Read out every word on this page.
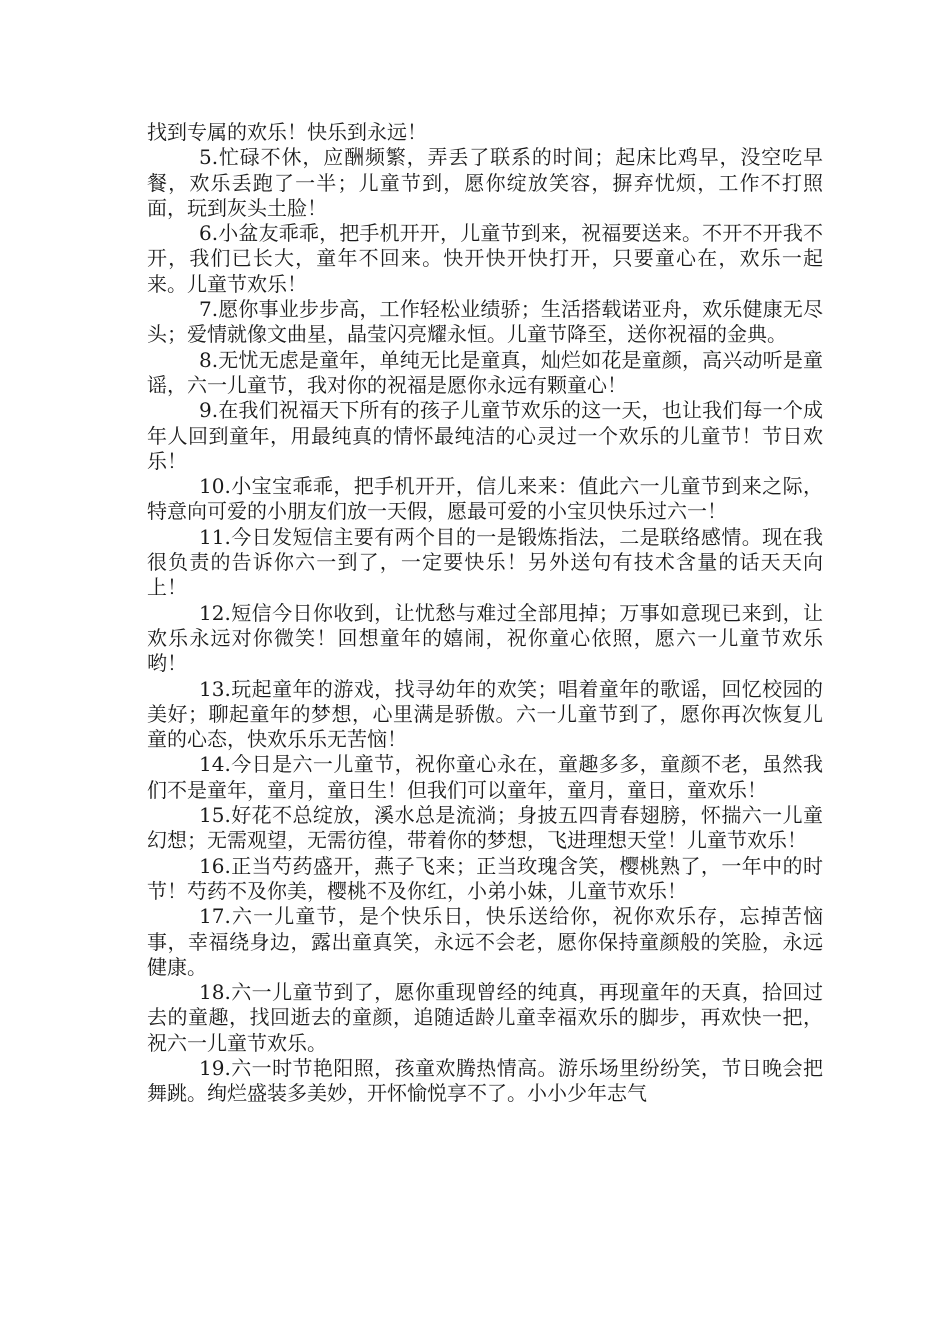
找到专属的欢乐！快乐到永远！

5.忙碌不休，应酬频繁，弄丢了联系的时间；起床比鸡早，没空吃早餐，欢乐丢跑了一半；儿童节到，愿你绽放笑容，摒弃忧烦，工作不打照面，玩到灰头土脸！

6.小盆友乖乖，把手机开开，儿童节到来，祝福要送来。不开不开我不开，我们已长大，童年不回来。快开快开快打开，只要童心在，欢乐一起来。儿童节欢乐！

7.愿你事业步步高，工作轻松业绩骄；生活搭载诺亚舟，欢乐健康无尽头；爱情就像文曲星，晶莹闪亮耀永恒。儿童节降至，送你祝福的金典。

8.无忧无虑是童年，单纯无比是童真，灿烂如花是童颜，高兴动听是童谣，六一儿童节，我对你的祝福是愿你永远有颗童心！

9.在我们祝福天下所有的孩子儿童节欢乐的这一天，也让我们每一个成年人回到童年，用最纯真的情怀最纯洁的心灵过一个欢乐的儿童节！节日欢乐！

10.小宝宝乖乖，把手机开开，信儿来来：值此六一儿童节到来之际，特意向可爱的小朋友们放一天假，愿最可爱的小宝贝快乐过六一！

11.今日发短信主要有两个目的一是锻炼指法，二是联络感情。现在我很负责的告诉你六一到了，一定要快乐！另外送句有技术含量的话天天向上！

12.短信今日你收到，让忧愁与难过全部甩掉；万事如意现已来到，让欢乐永远对你微笑！回想童年的嬉闹，祝你童心依照，愿六一儿童节欢乐哟！

13.玩起童年的游戏，找寻幼年的欢笑；唱着童年的歌谣，回忆校园的美好；聊起童年的梦想，心里满是骄傲。六一儿童节到了，愿你再次恢复儿童的心态，快欢乐乐无苦恼！

14.今日是六一儿童节，祝你童心永在，童趣多多，童颜不老，虽然我们不是童年，童月，童日生！但我们可以童年，童月，童日，童欢乐！

15.好花不总绽放，溪水总是流淌；身披五四青春翅膀，怀揣六一儿童幻想；无需观望，无需彷徨，带着你的梦想，飞进理想天堂！儿童节欢乐！

16.正当芍药盛开，燕子飞来；正当玫瑰含笑，樱桃熟了，一年中的时节！芍药不及你美，樱桃不及你红，小弟小妹，儿童节欢乐！

17.六一儿童节，是个快乐日，快乐送给你，祝你欢乐存，忘掉苦恼事，幸福绕身边，露出童真笑，永远不会老，愿你保持童颜般的笑脸，永远健康。

18.六一儿童节到了，愿你重现曾经的纯真，再现童年的天真，拾回过去的童趣，找回逝去的童颜，追随适龄儿童幸福欢乐的脚步，再欢快一把，祝六一儿童节欢乐。

19.六一时节艳阳照，孩童欢腾热情高。游乐场里纷纷笑，节日晚会把舞跳。绚烂盛装多美妙，开怀愉悦享不了。小小少年志气
